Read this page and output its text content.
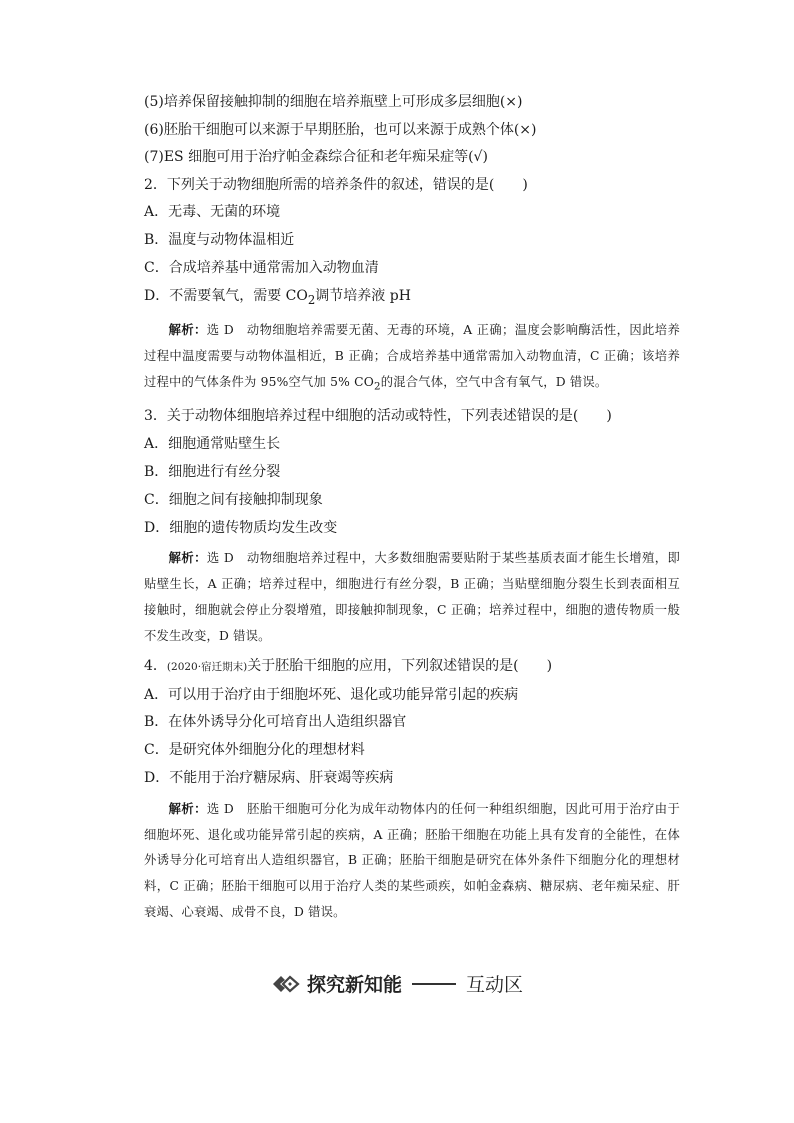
(5)培养保留接触抑制的细胞在培养瓶壁上可形成多层细胞(×)
(6)胚胎干细胞可以来源于早期胚胎，也可以来源于成熟个体(×)
(7)ES 细胞可用于治疗帕金森综合征和老年痴呆症等(√)
2．下列关于动物细胞所需的培养条件的叙述，错误的是(　　)
A．无毒、无菌的环境
B．温度与动物体温相近
C．合成培养基中通常需加入动物血清
D．不需要氧气，需要 $CO_2$调节培养液 pH
解析：选 D　动物细胞培养需要无菌、无毒的环境，A 正确；温度会影响酶活性，因此培养过程中温度需要与动物体温相近，B 正确；合成培养基中通常需加入动物血清，C 正确；该培养过程中的气体条件为 95%空气加 5% $CO_2$的混合气体，空气中含有氧气，D 错误。
3．关于动物体细胞培养过程中细胞的活动或特性，下列表述错误的是(　　)
A．细胞通常贴壁生长
B．细胞进行有丝分裂
C．细胞之间有接触抑制现象
D．细胞的遗传物质均发生改变
解析：选 D　动物细胞培养过程中，大多数细胞需要贴附于某些基质表面才能生长增殖，即贴壁生长，A 正确；培养过程中，细胞进行有丝分裂，B 正确；当贴壁细胞分裂生长到表面相互接触时，细胞就会停止分裂增殖，即接触抑制现象，C 正确；培养过程中，细胞的遗传物质一般不发生改变，D 错误。
4．(2020·宿迁期末)关于胚胎干细胞的应用，下列叙述错误的是(　　)
A．可以用于治疗由于细胞坏死、退化或功能异常引起的疾病
B．在体外诱导分化可培育出人造组织器官
C．是研究体外细胞分化的理想材料
D．不能用于治疗糖尿病、肝衰竭等疾病
解析：选 D　胚胎干细胞可分化为成年动物体内的任何一种组织细胞，因此可用于治疗由于细胞坏死、退化或功能异常引起的疾病，A 正确；胚胎干细胞在功能上具有发育的全能性，在体外诱导分化可培育出人造组织器官，B 正确；胚胎干细胞是研究在体外条件下细胞分化的理想材料，C 正确；胚胎干细胞可以用于治疗人类的某些顽疾，如帕金森病、糖尿病、老年痴呆症、肝衰竭、心衰竭、成骨不良，D 错误。
探究新知能	互动区
